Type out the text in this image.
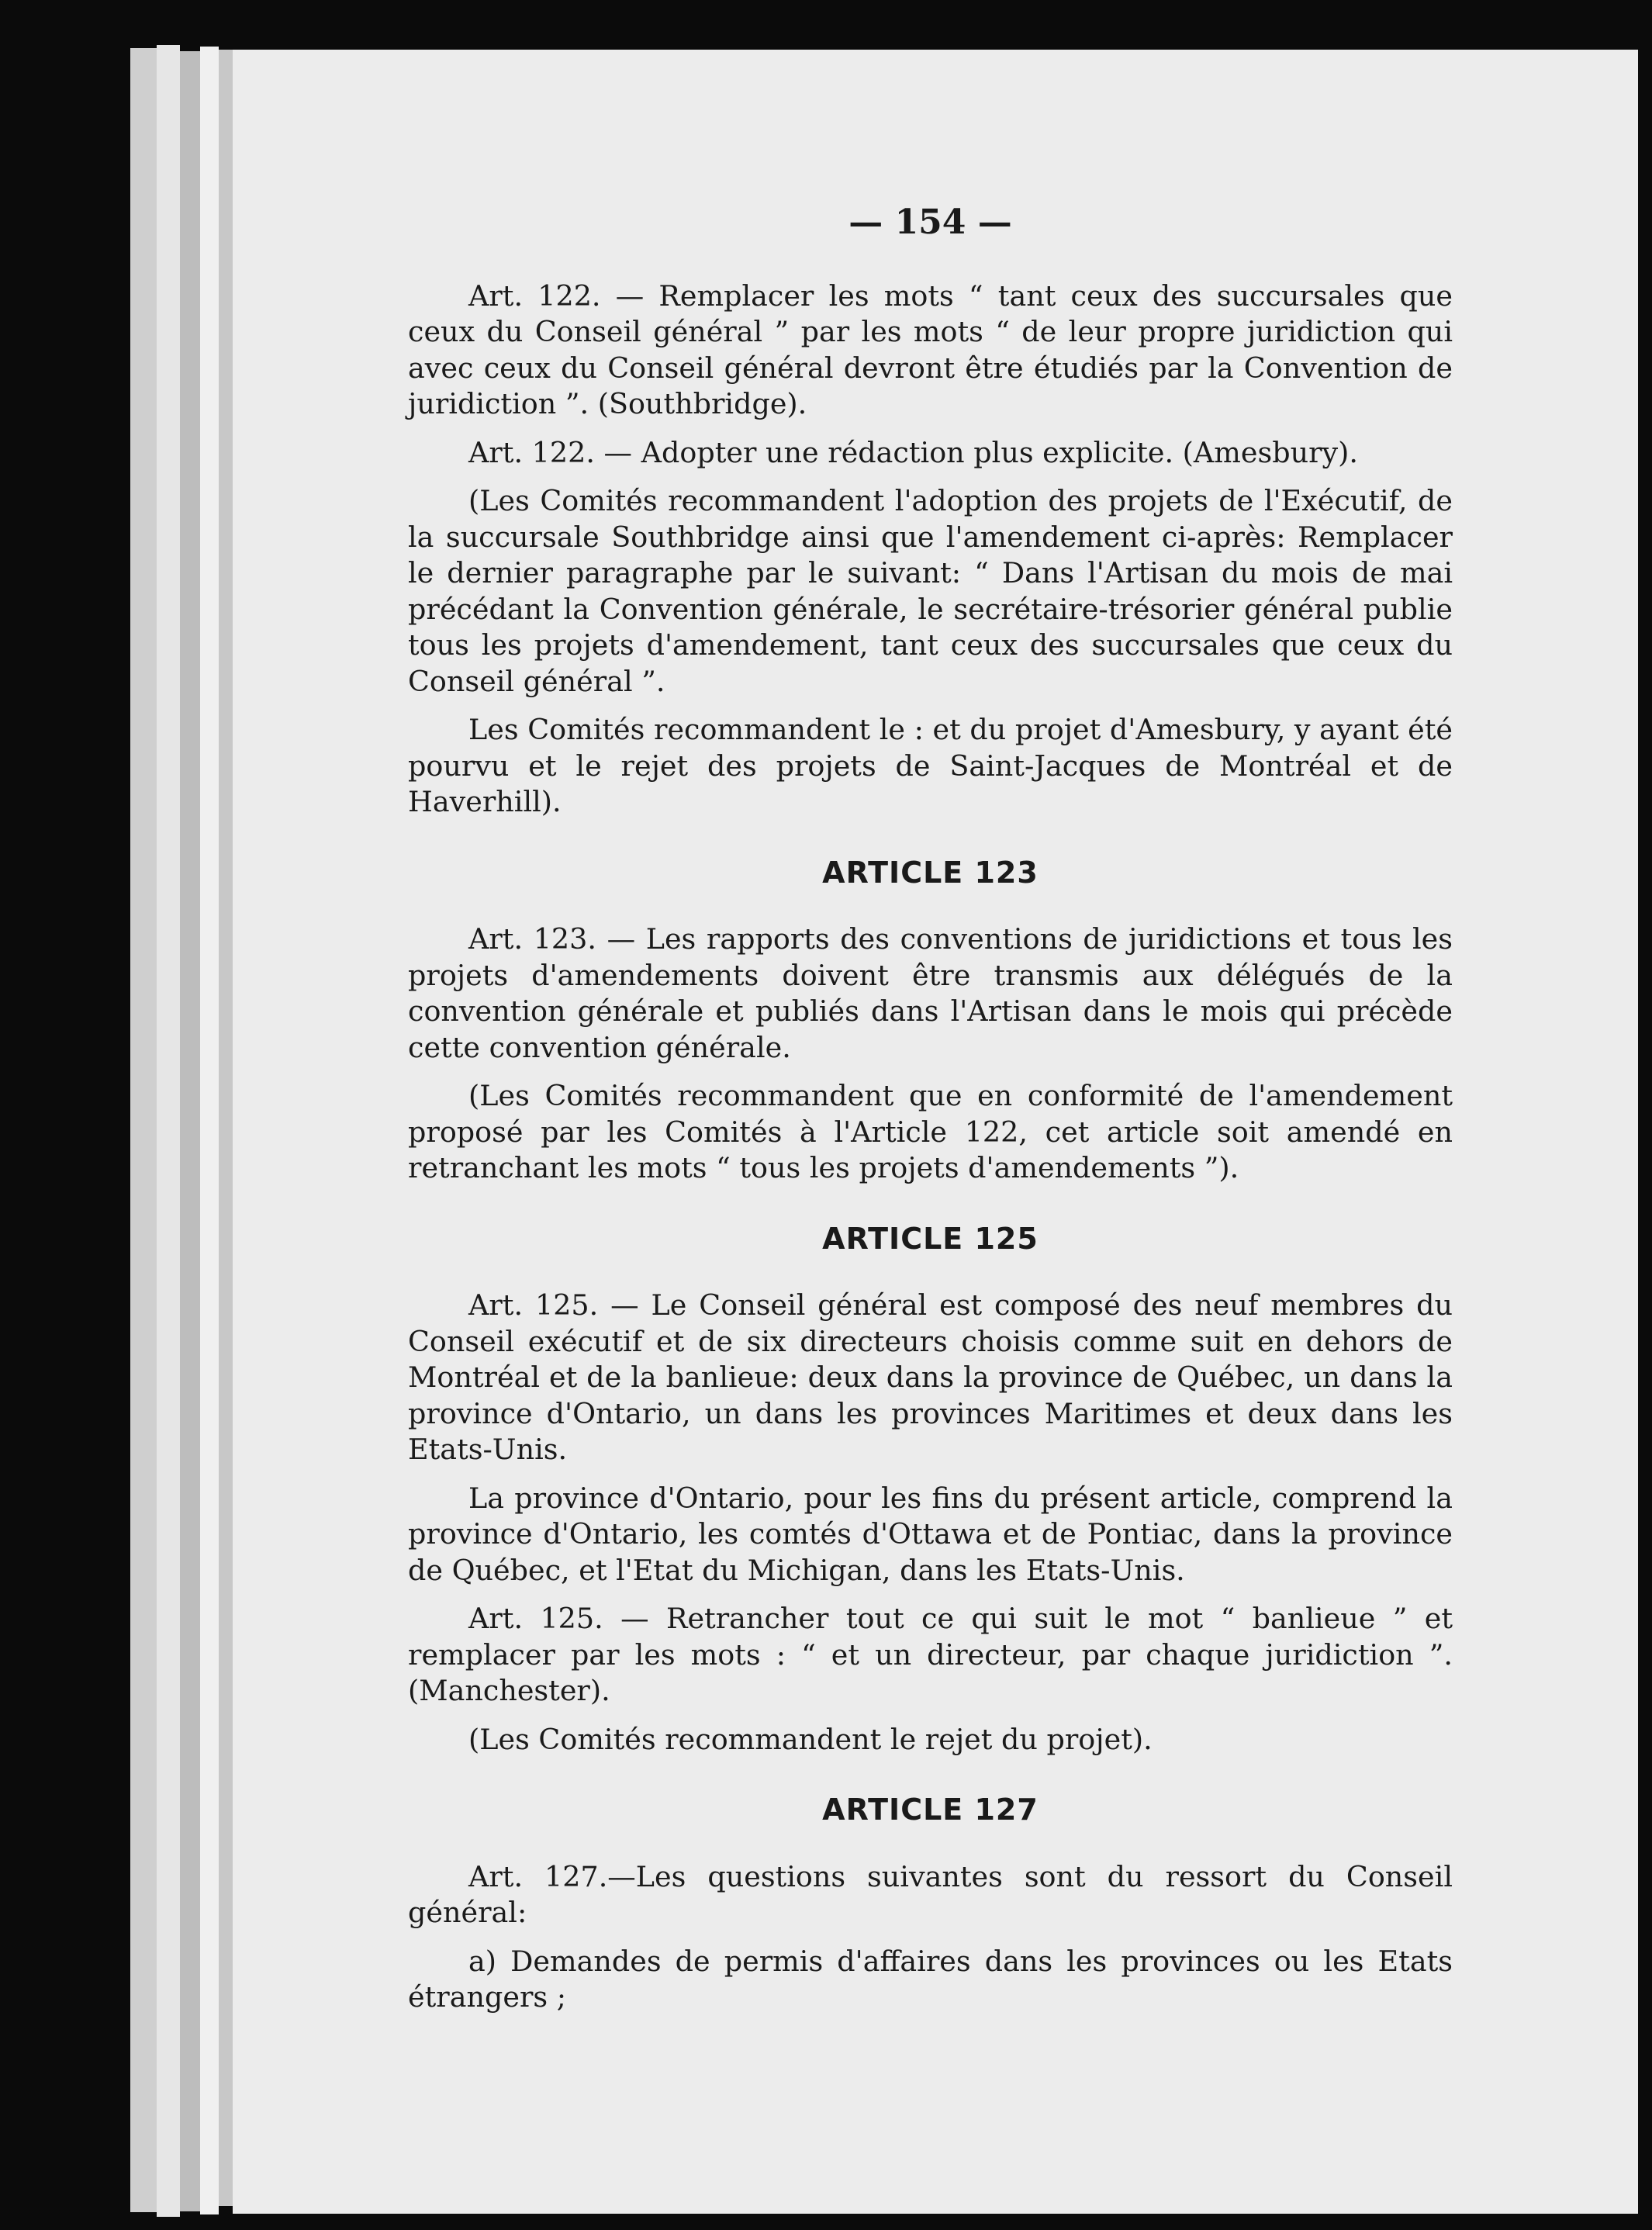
— 154 —

Art. 122. — Remplacer les mots “ tant ceux des succursales que ceux du Conseil général ” par les mots “ de leur propre juridiction qui avec ceux du Conseil général devront être étudiés par la Convention de juridiction ”. (Southbridge).

Art. 122. — Adopter une rédaction plus explicite. (Amesbury).

(Les Comités recommandent l'adoption des projets de l'Exécutif, de la succursale Southbridge ainsi que l'amendement ci-après: Remplacer le dernier paragraphe par le suivant: “ Dans l'Artisan du mois de mai précédant la Convention générale, le secrétaire-trésorier général publie tous les projets d'amendement, tant ceux des succursales que ceux du Conseil général ”.

Les Comités recommandent le : et du projet d'Amesbury, y ayant été pourvu et le rejet des projets de Saint-Jacques de Montréal et de Haverhill).

ARTICLE 123

Art. 123. — Les rapports des conventions de juridictions et tous les projets d'amendements doivent être transmis aux délégués de la convention générale et publiés dans l'Artisan dans le mois qui précède cette convention générale.

(Les Comités recommandent que en conformité de l'amendement proposé par les Comités à l'Article 122, cet article soit amendé en retranchant les mots “ tous les projets d'amendements ”).

ARTICLE 125

Art. 125. — Le Conseil général est composé des neuf membres du Conseil exécutif et de six directeurs choisis comme suit en dehors de Montréal et de la banlieue: deux dans la province de Québec, un dans la province d'Ontario, un dans les provinces Maritimes et deux dans les Etats-Unis.

La province d'Ontario, pour les fins du présent article, comprend la province d'Ontario, les comtés d'Ottawa et de Pontiac, dans la province de Québec, et l'Etat du Michigan, dans les Etats-Unis.

Art. 125. — Retrancher tout ce qui suit le mot “ banlieue ” et remplacer par les mots : “ et un directeur, par chaque juridiction ”. (Manchester).

(Les Comités recommandent le rejet du projet).

ARTICLE 127

Art. 127.—Les questions suivantes sont du ressort du Conseil général:

a) Demandes de permis d'affaires dans les provinces ou les Etats étrangers ;
